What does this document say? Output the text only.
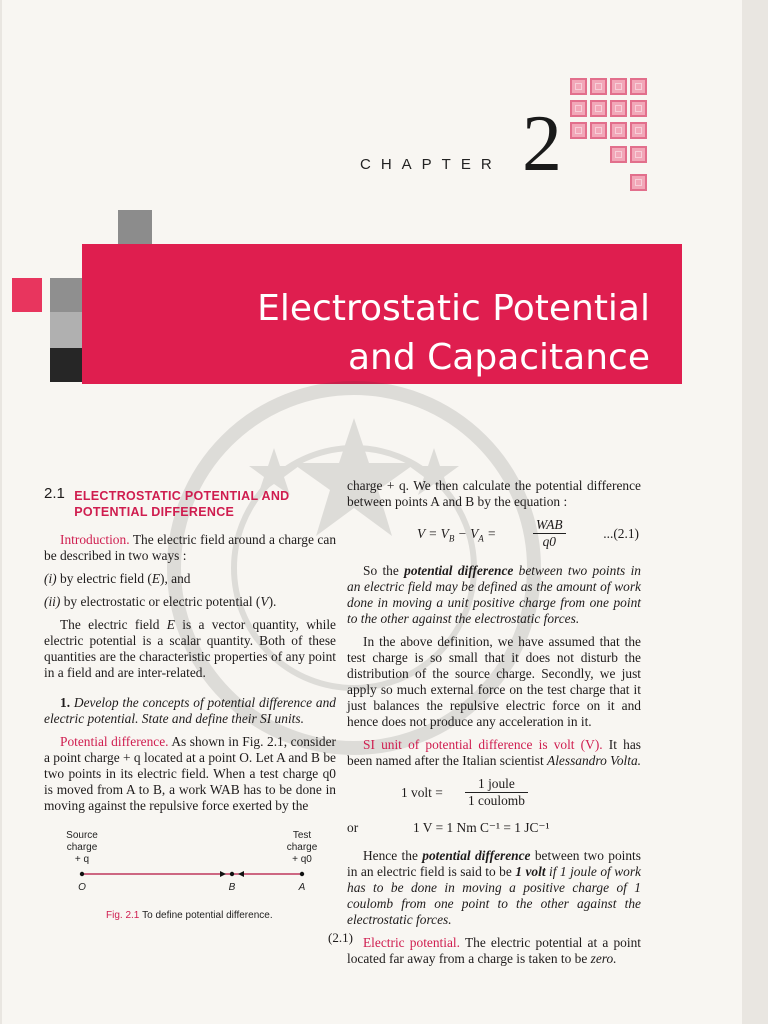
CHAPTER 2
Electrostatic Potential
and Capacitance
2.1 ELECTROSTATIC POTENTIAL AND
POTENTIAL DIFFERENCE

Introduction. The electric field around a charge can be described in two ways :

(i) by electric field (E), and

(ii) by electrostatic or electric potential (V).

The electric field E is a vector quantity, while electric potential is a scalar quantity. Both of these quantities are the characteristic properties of any point in a field and are inter-related.

1. Develop the concepts of potential difference and electric potential. State and define their SI units.

Potential difference. As shown in Fig. 2.1, consider a point charge + q located at a point O. Let A and B be two points in its electric field. When a test charge q0 is moved from A to B, a work WAB has to be done in moving against the repulsive force exerted by the

Source
charge
+ q
Test
charge
+ q0
O	B	A
Fig. 2.1 To define potential difference.

charge + q. We then calculate the potential difference between points A and B by the equation :

$V = V_B - V_A$ =
WAB
q0
...(2.1)

So the potential difference between two points in an electric field may be defined as the amount of work done in moving a unit positive charge from one point to the other against the electrostatic forces.

In the above definition, we have assumed that the test charge is so small that it does not disturb the distribution of the source charge. Secondly, we just apply so much external force on the test charge that it just balances the repulsive electric force on it and hence does not produce any acceleration in it.

SI unit of potential difference is volt (V). It has been named after the Italian scientist Alessandro Volta.

1 volt =
1 joule
1 coulomb
or	1 V = 1 Nm C⁻¹ = 1 JC⁻¹

Hence the potential difference between two points in an electric field is said to be 1 volt if 1 joule of work has to be done in moving a positive charge of 1 coulomb from one point to the other against the electrostatic forces.

Electric potential. The electric potential at a point located far away from a charge is taken to be zero.

(2.1)
